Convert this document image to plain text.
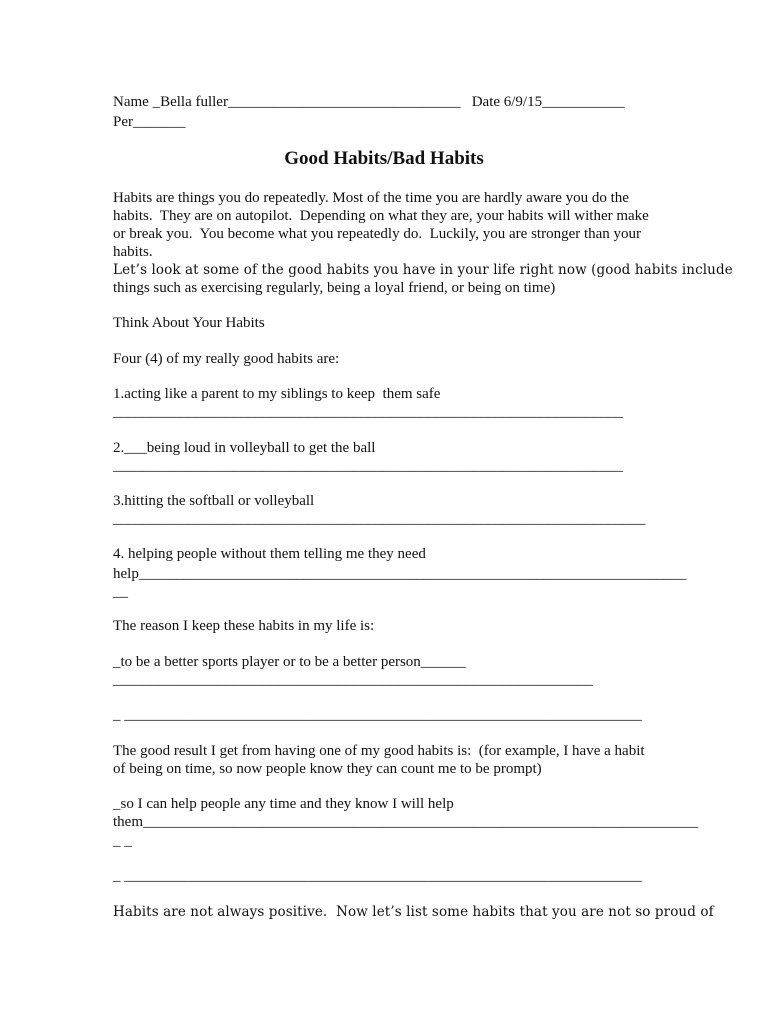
Name _Bella fuller_______________________________   Date 6/9/15___________
Per_______
Good Habits/Bad Habits
Habits are things you do repeatedly. Most of the time you are hardly aware you do the
habits.  They are on autopilot.  Depending on what they are, your habits will wither make
or break you.  You become what you repeatedly do.  Luckily, you are stronger than your
habits.
Let’s look at some of the good habits you have in your life right now (good habits include
things such as exercising regularly, being a loyal friend, or being on time)
Think About Your Habits
Four (4) of my really good habits are:
1.acting like a parent to my siblings to keep  them safe
____________________________________________________________________
2.___being loud in volleyball to get the ball
____________________________________________________________________
3.hitting the softball or volleyball
_______________________________________________________________________
4. helping people without them telling me they need
help_________________________________________________________________________
__
The reason I keep these habits in my life is:
_to be a better sports player or to be a better person______
________________________________________________________________
_ _____________________________________________________________________
The good result I get from having one of my good habits is:  (for example, I have a habit
of being on time, so now people know they can count me to be prompt)
_so I can help people any time and they know I will help
them__________________________________________________________________________
_ _
_ _____________________________________________________________________
Habits are not always positive.  Now let’s list some habits that you are not so proud of
